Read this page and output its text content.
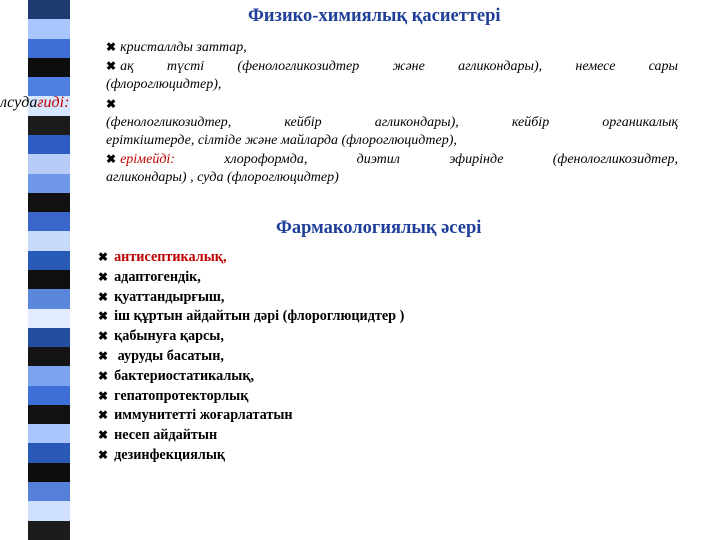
лсудағиді:
Физико-химиялық қасиеттері
✖ кристаллды заттар,
✖ ақ түсті (фенологликозидтер және агликондары), немесе сары
(флороглюцидтер),
✖
(фенологликозидтер, кейбір агликондары), кейбір органикалық
еріткіштерде, сілтіде және майларда (флороглюцидтер),
✖ ерімейді:	хлороформда, диэтил эфирінде (фенологликозидтер,
агликондары) , суда (флороглюцидтер)
Фармакологиялық әсері
✖ антисептикалық,
✖ адаптогендік,
✖ қуаттандырғыш,
✖ іш құртын айдайтын дәрі (флороглюцидтер )
✖ қабынуға қарсы,
✖ ауруды басатын,
✖ бактериостатикалық,
✖ гепатопротекторлық
✖ иммунитетті жоғарлататын
✖ несеп айдайтын
✖ дезинфекциялық
